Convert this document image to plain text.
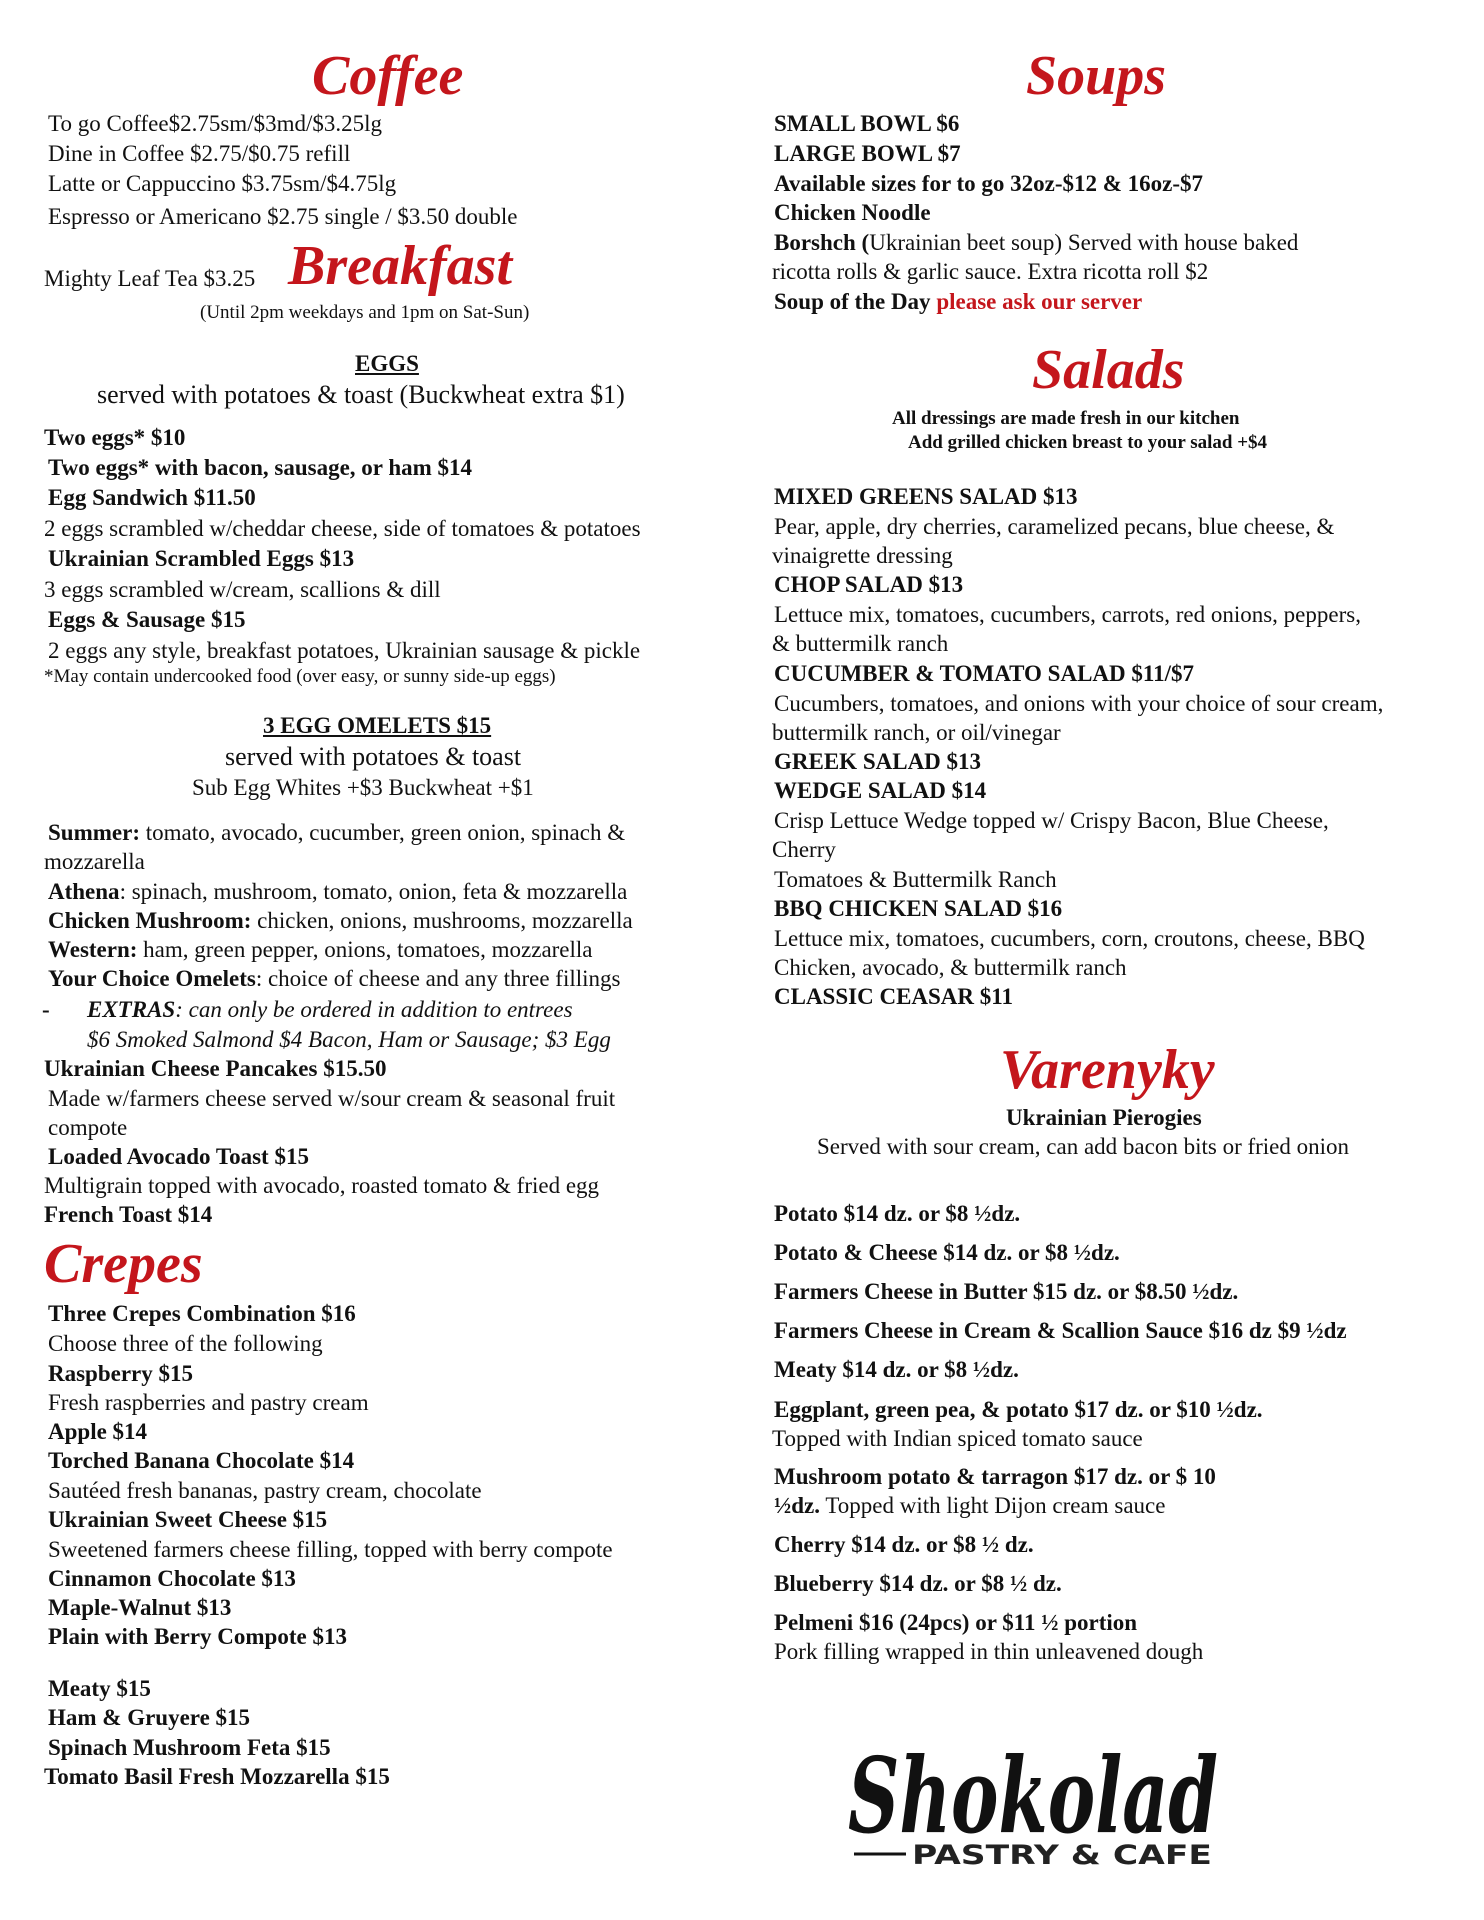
Coffee
To go Coffee$2.75sm/$3md/$3.25lg
Dine in Coffee $2.75/$0.75 refill
Latte or Cappuccino $3.75sm/$4.75lg
Espresso or Americano $2.75 single / $3.50 double
Mighty Leaf Tea $3.25 Breakfast
(Until 2pm weekdays and 1pm on Sat-Sun)
EGGS
served with potatoes & toast (Buckwheat extra $1)
Two eggs* $10
Two eggs* with bacon, sausage, or ham $14
Egg Sandwich $11.50
2 eggs scrambled w/cheddar cheese, side of tomatoes & potatoes
Ukrainian Scrambled Eggs $13
3 eggs scrambled w/cream, scallions & dill
Eggs & Sausage $15
2 eggs any style, breakfast potatoes, Ukrainian sausage & pickle
*May contain undercooked food (over easy, or sunny side-up eggs)
3 EGG OMELETS $15
served with potatoes & toast
Sub Egg Whites +$3 Buckwheat +$1
Summer: tomato, avocado, cucumber, green onion, spinach &
mozzarella
Athena: spinach, mushroom, tomato, onion, feta & mozzarella
Chicken Mushroom: chicken, onions, mushrooms, mozzarella
Western: ham, green pepper, onions, tomatoes, mozzarella
Your Choice Omelets: choice of cheese and any three fillings
- EXTRAS: can only be ordered in addition to entrees
$6 Smoked Salmond $4 Bacon, Ham or Sausage; $3 Egg
Ukrainian Cheese Pancakes $15.50
Made w/farmers cheese served w/sour cream & seasonal fruit
compote
Loaded Avocado Toast $15
Multigrain topped with avocado, roasted tomato & fried egg
French Toast $14
Crepes
Three Crepes Combination $16
Choose three of the following
Raspberry $15
Fresh raspberries and pastry cream
Apple $14
Torched Banana Chocolate $14
Sautéed fresh bananas, pastry cream, chocolate
Ukrainian Sweet Cheese $15
Sweetened farmers cheese filling, topped with berry compote
Cinnamon Chocolate $13
Maple-Walnut $13
Plain with Berry Compote $13
Meaty $15
Ham & Gruyere $15
Spinach Mushroom Feta $15
Tomato Basil Fresh Mozzarella $15
Soups
SMALL BOWL $6
LARGE BOWL $7
Available sizes for to go 32oz-$12 & 16oz-$7
Chicken Noodle
Borshch (Ukrainian beet soup) Served with house baked
ricotta rolls & garlic sauce. Extra ricotta roll $2
Soup of the Day please ask our server
Salads
All dressings are made fresh in our kitchen
Add grilled chicken breast to your salad +$4
MIXED GREENS SALAD $13
Pear, apple, dry cherries, caramelized pecans, blue cheese, &
vinaigrette dressing
CHOP SALAD $13
Lettuce mix, tomatoes, cucumbers, carrots, red onions, peppers,
& buttermilk ranch
CUCUMBER & TOMATO SALAD $11/$7
Cucumbers, tomatoes, and onions with your choice of sour cream,
buttermilk ranch, or oil/vinegar
GREEK SALAD $13
WEDGE SALAD $14
Crisp Lettuce Wedge topped w/ Crispy Bacon, Blue Cheese,
Cherry
Tomatoes & Buttermilk Ranch
BBQ CHICKEN SALAD $16
Lettuce mix, tomatoes, cucumbers, corn, croutons, cheese, BBQ
Chicken, avocado, & buttermilk ranch
CLASSIC CEASAR $11
Varenyky
Ukrainian Pierogies
Served with sour cream, can add bacon bits or fried onion
Potato $14 dz. or $8 ½dz.
Potato & Cheese $14 dz. or $8 ½dz.
Farmers Cheese in Butter $15 dz. or $8.50 ½dz.
Farmers Cheese in Cream & Scallion Sauce $16 dz $9 ½dz
Meaty $14 dz. or $8 ½dz.
Eggplant, green pea, & potato $17 dz. or $10 ½dz.
Topped with Indian spiced tomato sauce
Mushroom potato & tarragon $17 dz. or $ 10
½dz. Topped with light Dijon cream sauce
Cherry $14 dz. or $8 ½ dz.
Blueberry $14 dz. or $8 ½ dz.
Pelmeni $16 (24pcs) or $11 ½ portion
Pork filling wrapped in thin unleavened dough
Shokolad
PASTRY & CAFE
